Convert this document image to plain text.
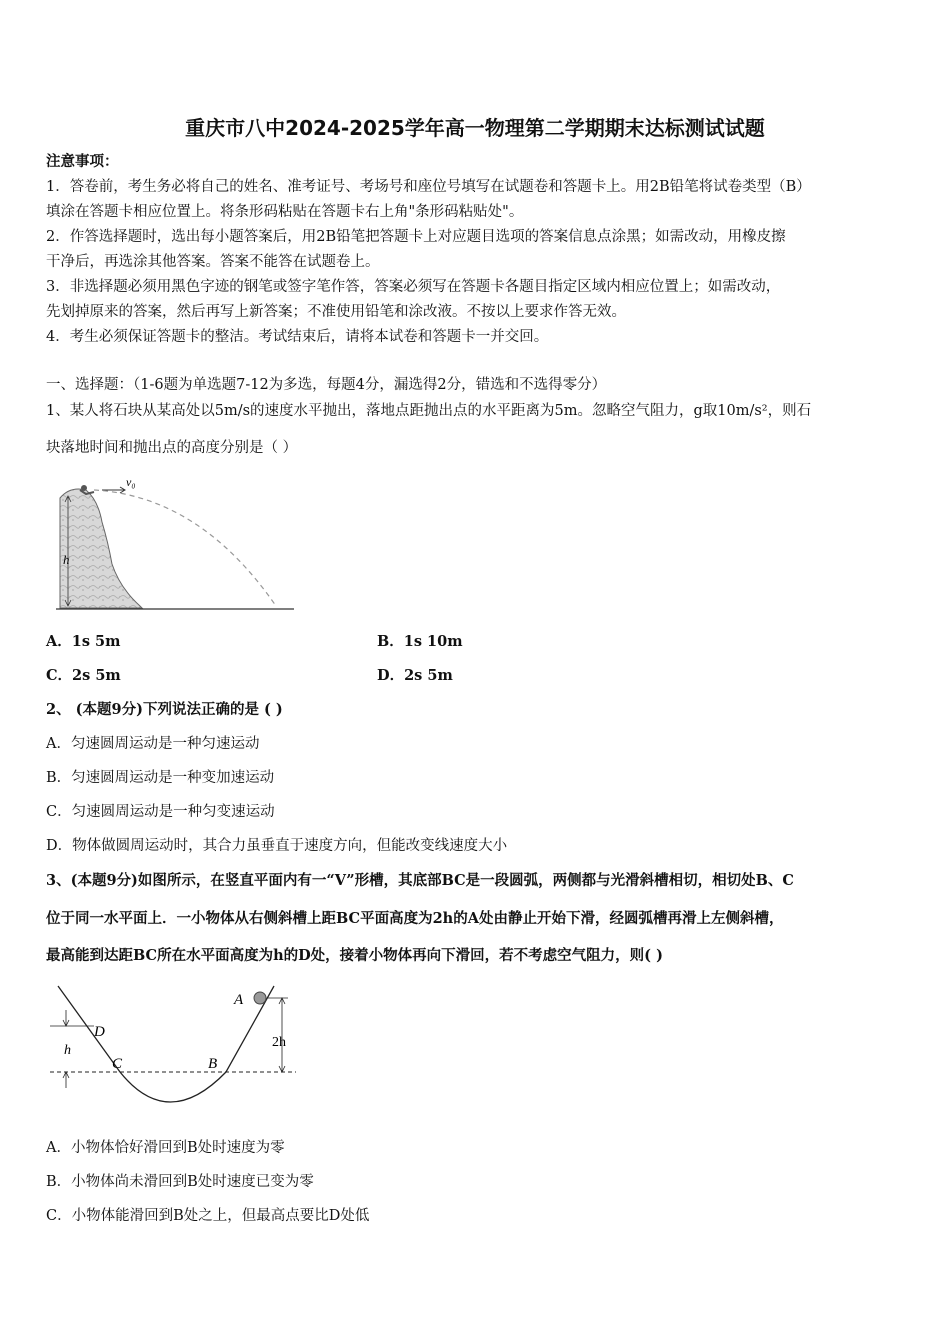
重庆市八中2024-2025学年高一物理第二学期期末达标测试试题
注意事项：
1．答卷前，考生务必将自己的姓名、准考证号、考场号和座位号填写在试题卷和答题卡上。用2B铅笔将试卷类型（B）
填涂在答题卡相应位置上。将条形码粘贴在答题卡右上角"条形码粘贴处"。
2．作答选择题时，选出每小题答案后，用2B铅笔把答题卡上对应题目选项的答案信息点涂黑；如需改动，用橡皮擦
干净后，再选涂其他答案。答案不能答在试题卷上。
3．非选择题必须用黑色字迹的钢笔或签字笔作答，答案必须写在答题卡各题目指定区域内相应位置上；如需改动，
先划掉原来的答案，然后再写上新答案；不准使用铅笔和涂改液。不按以上要求作答无效。
4．考生必须保证答题卡的整洁。考试结束后，请将本试卷和答题卡一并交回。
一、选择题：（1-6题为单选题7-12为多选，每题4分，漏选得2分，错选和不选得零分）
1、某人将石块从某高处以5m/s的速度水平抛出，落地点距抛出点的水平距离为5m。忽略空气阻力，g取10m/s²，则石
块落地时间和抛出点的高度分别是（ ）
h
v₀
A．1s 5m	B．1s 10m
C．2s 5m	D．2s 5m
2、 (本题9分)下列说法正确的是 ( )
A．匀速圆周运动是一种匀速运动
B．匀速圆周运动是一种变加速运动
C．匀速圆周运动是一种匀变速运动
D．物体做圆周运动时，其合力虽垂直于速度方向，但能改变线速度大小
3、(本题9分)如图所示，在竖直平面内有一“V”形槽，其底部BC是一段圆弧，两侧都与光滑斜槽相切，相切处B、C
位于同一水平面上．一小物体从右侧斜槽上距BC平面高度为2h的A处由静止开始下滑，经圆弧槽再滑上左侧斜槽，
最高能到达距BC所在水平面高度为h的D处，接着小物体再向下滑回，若不考虑空气阻力，则( )
h
D
C	B
A
2h
A．小物体恰好滑回到B处时速度为零
B．小物体尚未滑回到B处时速度已变为零
C．小物体能滑回到B处之上，但最高点要比D处低
